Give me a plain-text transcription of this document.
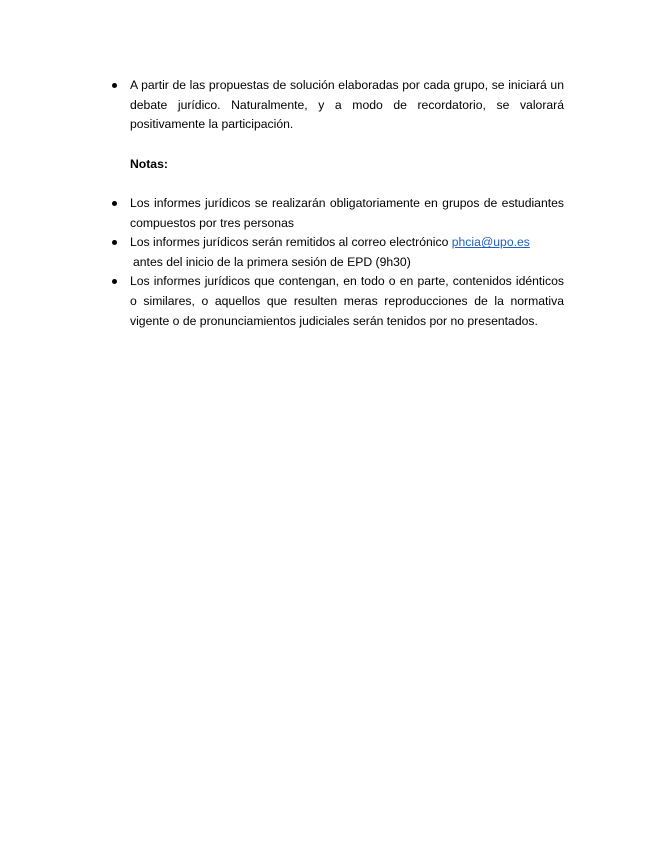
A partir de las propuestas de solución elaboradas por cada grupo, se iniciará un debate jurídico. Naturalmente, y a modo de recordatorio, se valorará positivamente la participación.

Notas:

Los informes jurídicos se realizarán obligatoriamente en grupos de estudiantes compuestos por tres personas

Los informes jurídicos serán remitidos al correo electrónico phcia@upo.es
antes del inicio de la primera sesión de EPD (9h30)

Los informes jurídicos que contengan, en todo o en parte, contenidos idénticos o similares, o aquellos que resulten meras reproducciones de la normativa vigente o de pronunciamientos judiciales serán tenidos por no presentados.
